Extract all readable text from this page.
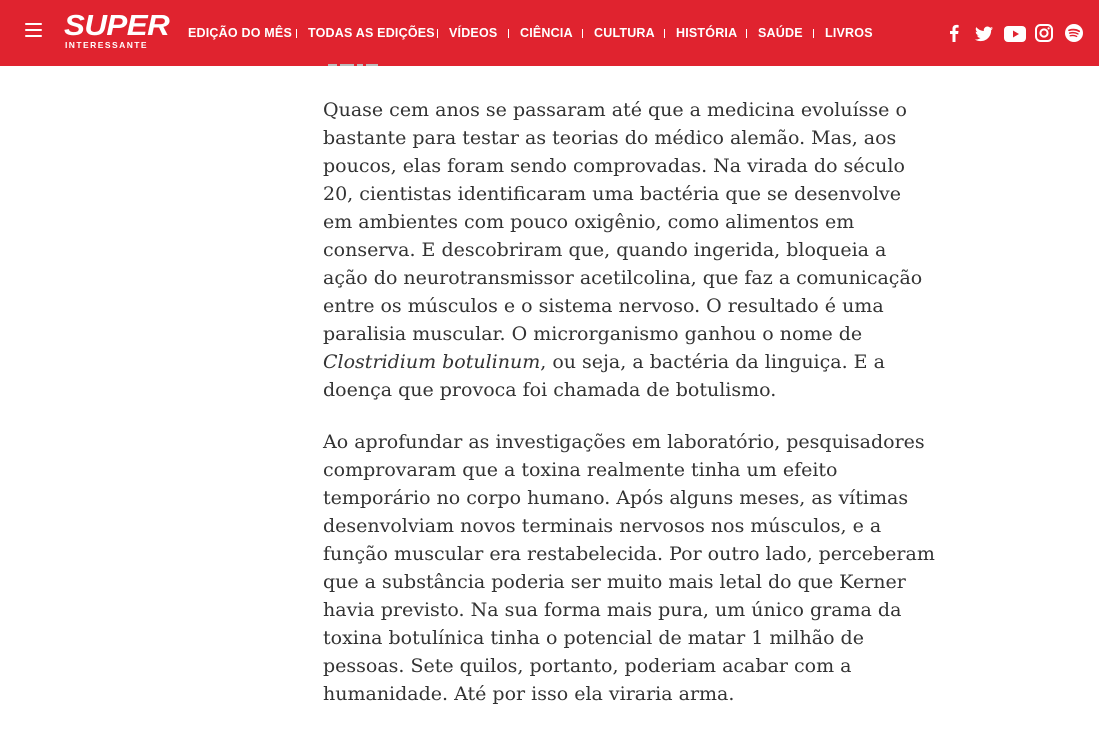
SUPER
INTERESSANTE
EDIÇÃO DO MÊS TODAS AS EDIÇÕES VÍDEOS CIÊNCIA CULTURA HISTÓRIA SAÚDE LIVROS

Quase cem anos se passaram até que a medicina evoluísse o bastante para testar as teorias do médico alemão. Mas, aos poucos, elas foram sendo comprovadas. Na virada do século 20, cientistas identificaram uma bactéria que se desenvolve em ambientes com pouco oxigênio, como alimentos em conserva. E descobriram que, quando ingerida, bloqueia a ação do neurotransmissor acetilcolina, que faz a comunicação entre os músculos e o sistema nervoso. O resultado é uma paralisia muscular. O microrganismo ganhou o nome de Clostridium botulinum, ou seja, a bactéria da linguiça. E a doença que provoca foi chamada de botulismo.

Ao aprofundar as investigações em laboratório, pesquisadores comprovaram que a toxina realmente tinha um efeito temporário no corpo humano. Após alguns meses, as vítimas desenvolviam novos terminais nervosos nos músculos, e a função muscular era restabelecida. Por outro lado, perceberam que a substância poderia ser muito mais letal do que Kerner havia previsto. Na sua forma mais pura, um único grama da toxina botulínica tinha o potencial de matar 1 milhão de pessoas. Sete quilos, portanto, poderiam acabar com a humanidade. Até por isso ela viraria arma.
